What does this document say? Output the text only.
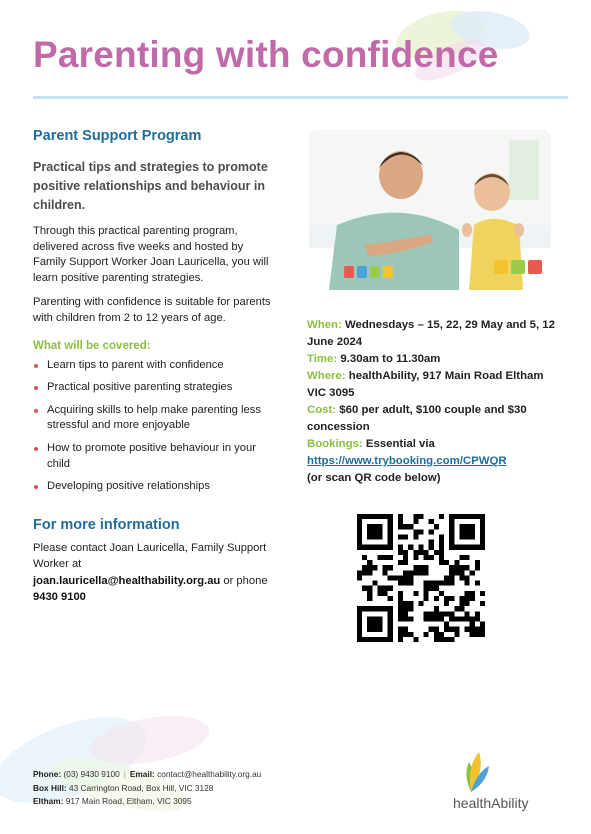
Parenting with confidence
Parent Support Program

Practical tips and strategies to promote positive relationships and behaviour in children.

Through this practical parenting program, delivered across five weeks and hosted by Family Support Worker Joan Lauricella, you will learn positive parenting strategies.

Parenting with confidence is suitable for parents with children from 2 to 12 years of age.

What will be covered:
Learn tips to parent with confidence
Practical positive parenting strategies
Acquiring skills to help make parenting less stressful and more enjoyable
How to promote positive behaviour in your child
Developing positive relationships
For more information

Please contact Joan Lauricella, Family Support Worker at
joan.lauricella@healthability.org.au or phone 9430 9100

When: Wednesdays – 15, 22, 29 May and 5, 12 June 2024
Time: 9.30am to 11.30am
Where: healthAbility, 917 Main Road Eltham VIC 3095
Cost: $60 per adult, $100 couple and $30 concession
Bookings: Essential via
https://www.trybooking.com/CPWQR
(or scan QR code below)
Phone: (03) 9430 9100 | Email: contact@healthability.org.au
Box Hill: 43 Carrington Road, Box Hill, VIC 3128
Eltham: 917 Main Road, Eltham, VIC 3095	healthAbility
